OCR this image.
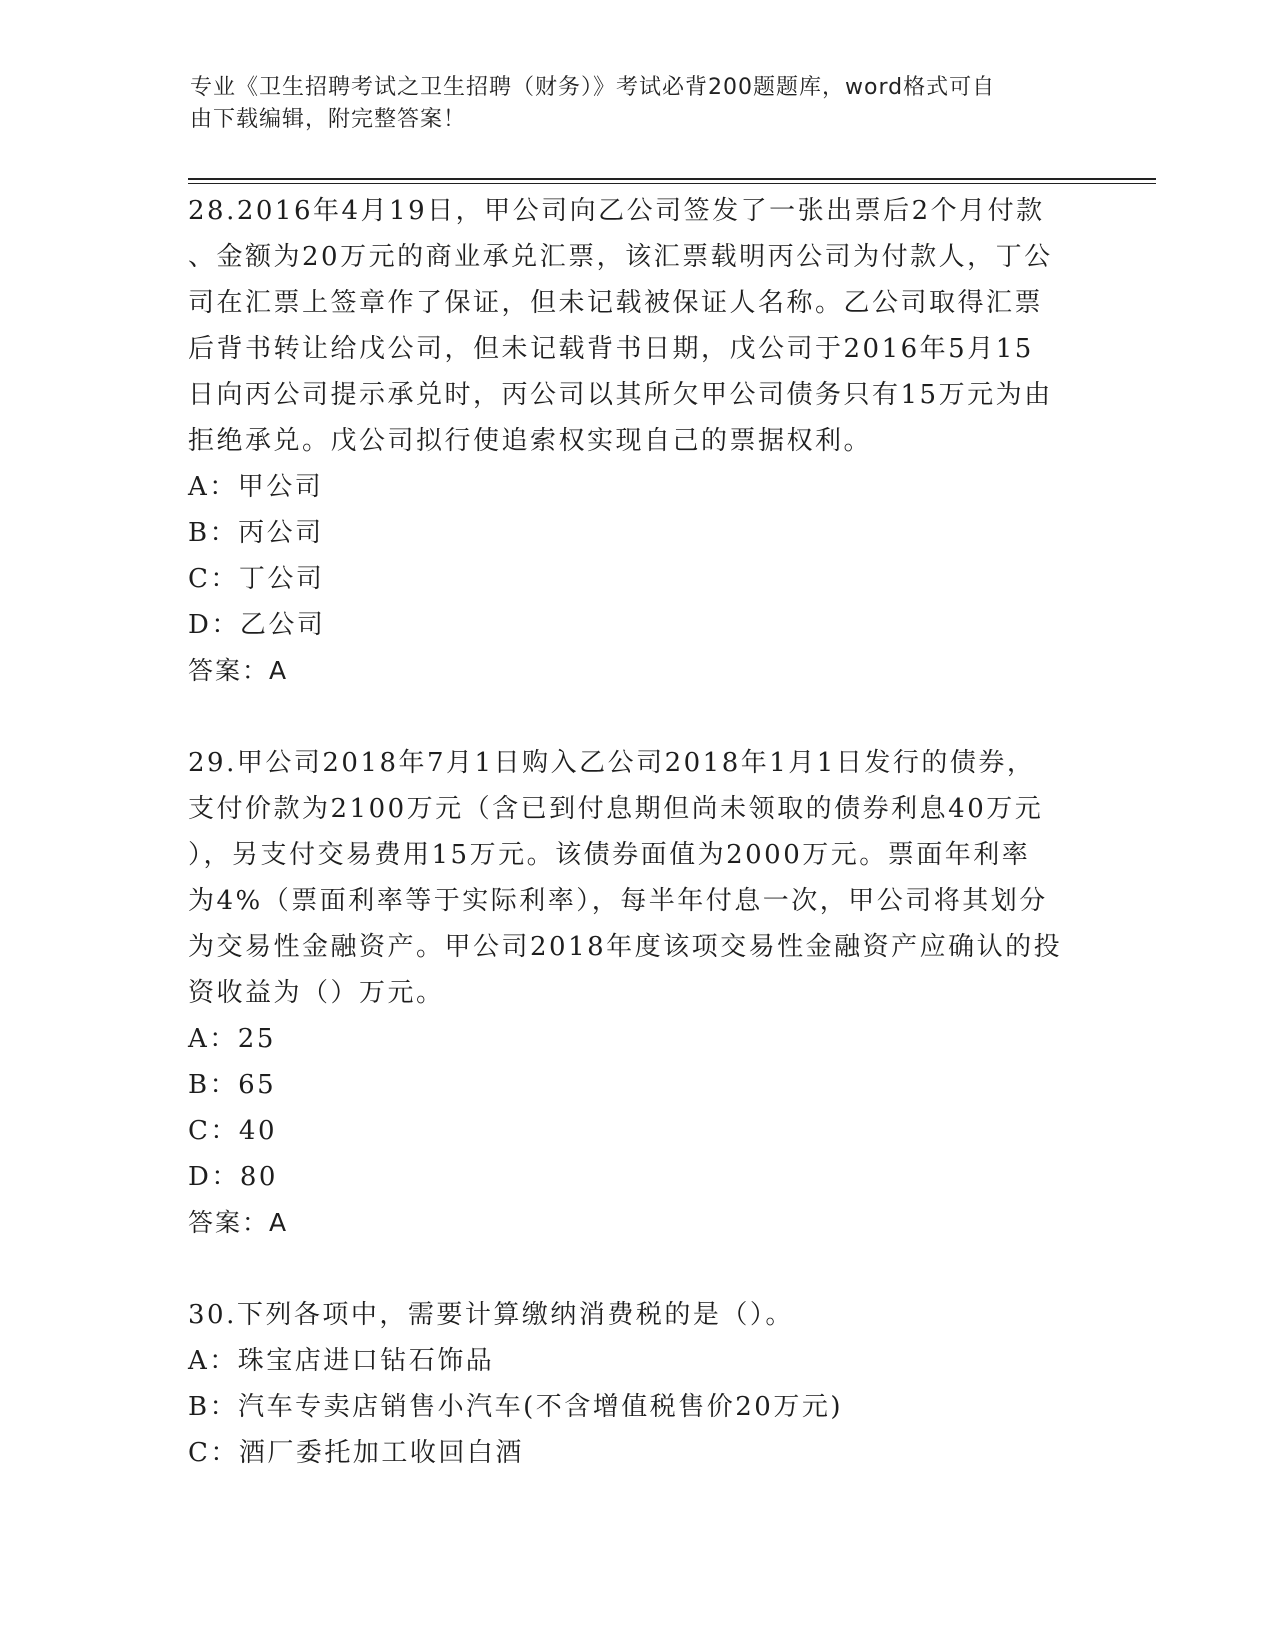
专业《卫生招聘考试之卫生招聘（财务）》考试必背200题题库，word格式可自
由下载编辑，附完整答案！
28.2016年4月19日，甲公司向乙公司签发了一张出票后2个月付款
、金额为20万元的商业承兑汇票，该汇票载明丙公司为付款人，丁公
司在汇票上签章作了保证，但未记载被保证人名称。乙公司取得汇票
后背书转让给戊公司，但未记载背书日期，戊公司于2016年5月15
日向丙公司提示承兑时，丙公司以其所欠甲公司债务只有15万元为由
拒绝承兑。戊公司拟行使追索权实现自己的票据权利。
A：甲公司
B：丙公司
C：丁公司
D：乙公司
答案：A
29.甲公司2018年7月1日购入乙公司2018年1月1日发行的债券，
支付价款为2100万元（含已到付息期但尚未领取的债券利息40万元
），另支付交易费用15万元。该债券面值为2000万元。票面年利率
为4%（票面利率等于实际利率），每半年付息一次，甲公司将其划分
为交易性金融资产。甲公司2018年度该项交易性金融资产应确认的投
资收益为（）万元。
A：25
B：65
C：40
D：80
答案：A
30.下列各项中，需要计算缴纳消费税的是（）。
A：珠宝店进口钻石饰品
B：汽车专卖店销售小汽车(不含增值税售价20万元)
C：酒厂委托加工收回白酒
